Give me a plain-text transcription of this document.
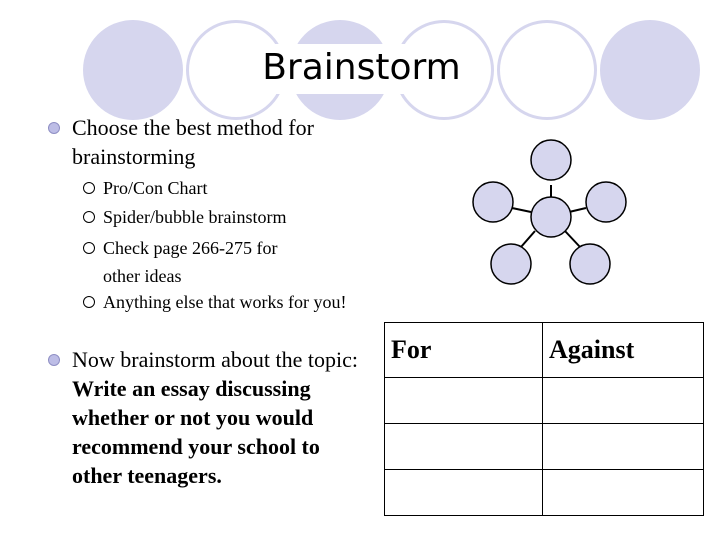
Brainstorm
Choose the best method for brainstorming
Pro/Con Chart
Spider/bubble brainstorm
Check page 266-275 for other ideas
Anything else that works for you!
Now brainstorm about the topic: Write an essay discussing whether or not you would recommend your school to other teenagers.
For	Against
